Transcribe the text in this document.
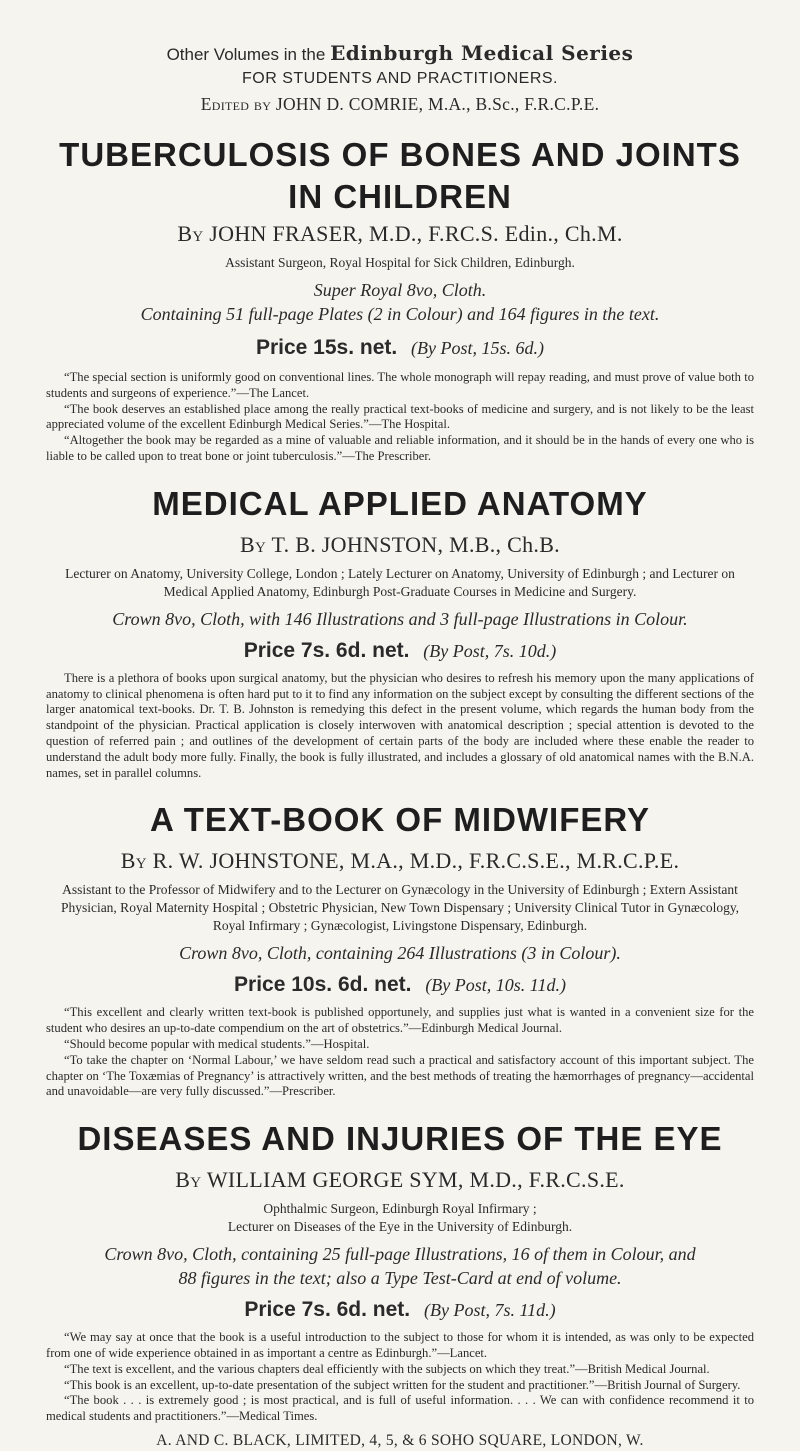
Other Volumes in the Edinburgh Medical Series
FOR STUDENTS AND PRACTITIONERS.
Edited by JOHN D. COMRIE, M.A., B.Sc., F.R.C.P.E.
TUBERCULOSIS OF BONES AND JOINTS
IN CHILDREN
By JOHN FRASER, M.D., F.RC.S. Edin., Ch.M.
Assistant Surgeon, Royal Hospital for Sick Children, Edinburgh.
Super Royal 8vo, Cloth.
Containing 51 full-page Plates (2 in Colour) and 164 figures in the text.
Price 15s. net. (By Post, 15s. 6d.)

“The special section is uniformly good on conventional lines. The whole monograph will repay reading, and must prove of value both to students and surgeons of experience.”—The Lancet.

“The book deserves an established place among the really practical text-books of medicine and surgery, and is not likely to be the least appreciated volume of the excellent Edinburgh Medical Series.”—The Hospital.

“Altogether the book may be regarded as a mine of valuable and reliable information, and it should be in the hands of every one who is liable to be called upon to treat bone or joint tuberculosis.”—The Prescriber.

MEDICAL APPLIED ANATOMY
By T. B. JOHNSTON, M.B., Ch.B.
Lecturer on Anatomy, University College, London ; Lately Lecturer on Anatomy, University of Edinburgh ; and Lecturer on Medical Applied Anatomy, Edinburgh Post-Graduate Courses in Medicine and Surgery.
Crown 8vo, Cloth, with 146 Illustrations and 3 full-page Illustrations in Colour.
Price 7s. 6d. net. (By Post, 7s. 10d.)

There is a plethora of books upon surgical anatomy, but the physician who desires to refresh his memory upon the many applications of anatomy to clinical phenomena is often hard put to it to find any information on the subject except by consulting the different sections of the larger anatomical text-books. Dr. T. B. Johnston is remedying this defect in the present volume, which regards the human body from the standpoint of the physician. Practical application is closely interwoven with anatomical description ; special attention is devoted to the question of referred pain ; and outlines of the development of certain parts of the body are included where these enable the reader to understand the adult body more fully. Finally, the book is fully illustrated, and includes a glossary of old anatomical names with the B.N.A. names, set in parallel columns.

A TEXT-BOOK OF MIDWIFERY
By R. W. JOHNSTONE, M.A., M.D., F.R.C.S.E., M.R.C.P.E.
Assistant to the Professor of Midwifery and to the Lecturer on Gynæcology in the University of Edinburgh ; Extern Assistant Physician, Royal Maternity Hospital ; Obstetric Physician, New Town Dispensary ; University Clinical Tutor in Gynæcology, Royal Infirmary ; Gynæcologist, Livingstone Dispensary, Edinburgh.
Crown 8vo, Cloth, containing 264 Illustrations (3 in Colour).
Price 10s. 6d. net. (By Post, 10s. 11d.)

“This excellent and clearly written text-book is published opportunely, and supplies just what is wanted in a convenient size for the student who desires an up-to-date compendium on the art of obstetrics.”—Edinburgh Medical Journal.

“Should become popular with medical students.”—Hospital.

“To take the chapter on ‘Normal Labour,’ we have seldom read such a practical and satisfactory account of this important subject. The chapter on ‘The Toxæmias of Pregnancy’ is attractively written, and the best methods of treating the hæmorrhages of pregnancy—accidental and unavoidable—are very fully discussed.”—Prescriber.

DISEASES AND INJURIES OF THE EYE
By WILLIAM GEORGE SYM, M.D., F.R.C.S.E.
Ophthalmic Surgeon, Edinburgh Royal Infirmary ;
Lecturer on Diseases of the Eye in the University of Edinburgh.
Crown 8vo, Cloth, containing 25 full-page Illustrations, 16 of them in Colour, and
88 figures in the text; also a Type Test-Card at end of volume.
Price 7s. 6d. net. (By Post, 7s. 11d.)

“We may say at once that the book is a useful introduction to the subject to those for whom it is intended, as was only to be expected from one of wide experience obtained in as important a centre as Edinburgh.”—Lancet.

“The text is excellent, and the various chapters deal efficiently with the subjects on which they treat.”—British Medical Journal.

“This book is an excellent, up-to-date presentation of the subject written for the student and practitioner.”—British Journal of Surgery.

“The book . . . is extremely good ; is most practical, and is full of useful information. . . . We can with confidence recommend it to medical students and practitioners.”—Medical Times.

A. AND C. BLACK, LIMITED, 4, 5, & 6 SOHO SQUARE, LONDON, W.
